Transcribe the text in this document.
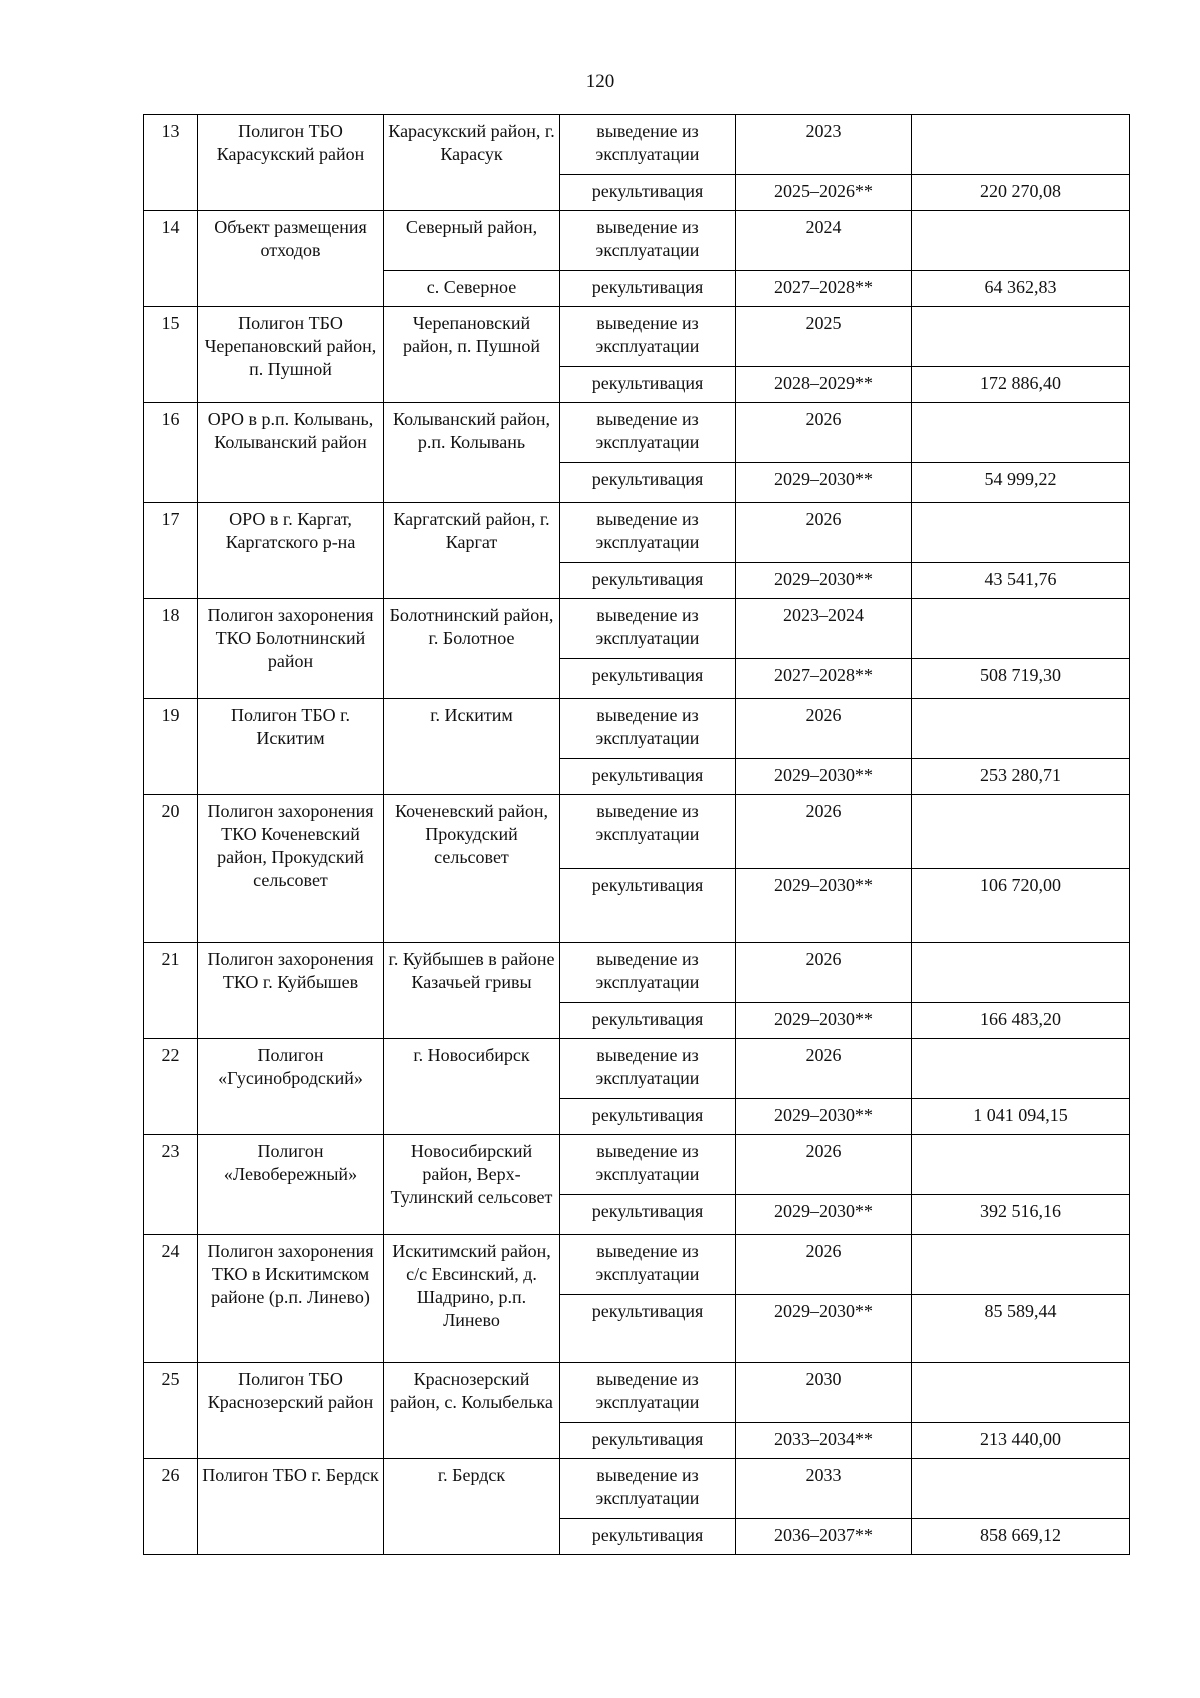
120
13	Полигон ТБО Карасукский район	Карасукский район, г. Карасук	выведение из эксплуатации	2023	
			рекультивация	2025–2026**	220 270,08
14	Объект размещения отходов	Северный район,	выведение из эксплуатации	2024	
		с. Северное	рекультивация	2027–2028**	64 362,83
15	Полигон ТБО Черепановский район, п. Пушной	Черепановский район, п. Пушной	выведение из эксплуатации	2025	
			рекультивация	2028–2029**	172 886,40
16	ОРО в р.п. Колывань, Колыванский район	Колыванский район, р.п. Колывань	выведение из эксплуатации	2026	
			рекультивация	2029–2030**	54 999,22
17	ОРО в г. Каргат, Каргатского р-на	Каргатский район, г. Каргат	выведение из эксплуатации	2026	
			рекультивация	2029–2030**	43 541,76
18	Полигон захоронения ТКО Болотнинский район	Болотнинский район, г. Болотное	выведение из эксплуатации	2023–2024	
			рекультивация	2027–2028**	508 719,30
19	Полигон ТБО г. Искитим	г. Искитим	выведение из эксплуатации	2026	
			рекультивация	2029–2030**	253 280,71
20	Полигон захоронения ТКО Коченевский район, Прокудский сельсовет	Коченевский район, Прокудский сельсовет	выведение из эксплуатации	2026	
			рекультивация	2029–2030**	106 720,00
21	Полигон захоронения ТКО г. Куйбышев	г. Куйбышев в районе Казачьей гривы	выведение из эксплуатации	2026	
			рекультивация	2029–2030**	166 483,20
22	Полигон «Гусинобродский»	г. Новосибирск	выведение из эксплуатации	2026	
			рекультивация	2029–2030**	1 041 094,15
23	Полигон «Левобережный»	Новосибирский район, Верх-Тулинский сельсовет	выведение из эксплуатации	2026	
			рекультивация	2029–2030**	392 516,16
24	Полигон захоронения ТКО в Искитимском районе (р.п. Линево)	Искитимский район, с/с Евсинский, д. Шадрино, р.п. Линево	выведение из эксплуатации	2026	
			рекультивация	2029–2030**	85 589,44
25	Полигон ТБО Краснозерский район	Краснозерский район, с. Колыбелька	выведение из эксплуатации	2030	
			рекультивация	2033–2034**	213 440,00
26	Полигон ТБО г. Бердск	г. Бердск	выведение из эксплуатации	2033	
			рекультивация	2036–2037**	858 669,12
